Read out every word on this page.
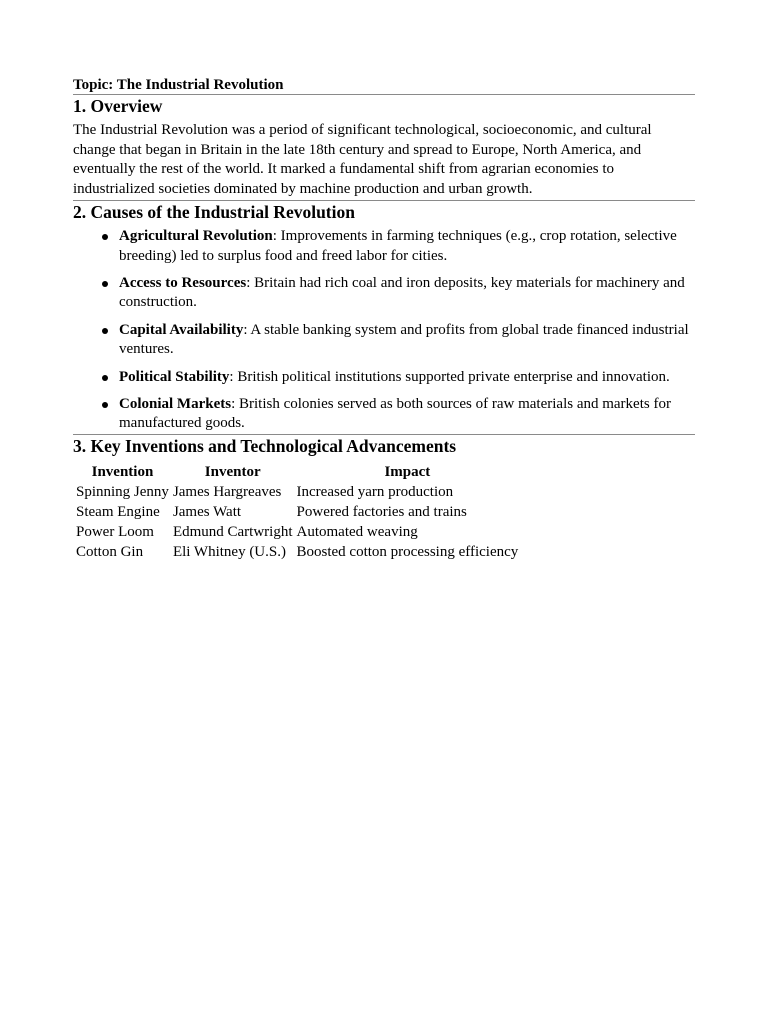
Topic: The Industrial Revolution

1. Overview

The Industrial Revolution was a period of significant technological, socioeconomic, and cultural change that began in Britain in the late 18th century and spread to Europe, North America, and eventually the rest of the world. It marked a fundamental shift from agrarian economies to industrialized societies dominated by machine production and urban growth.

2. Causes of the Industrial Revolution
Agricultural Revolution: Improvements in farming techniques (e.g., crop rotation, selective breeding) led to surplus food and freed labor for cities.
Access to Resources: Britain had rich coal and iron deposits, key materials for machinery and construction.
Capital Availability: A stable banking system and profits from global trade financed industrial ventures.
Political Stability: British political institutions supported private enterprise and innovation.
Colonial Markets: British colonies served as both sources of raw materials and markets for manufactured goods.
3. Key Inventions and Technological Advancements
Invention	Inventor	Impact
Spinning Jenny	James Hargreaves	Increased yarn production
Steam Engine	James Watt	Powered factories and trains
Power Loom	Edmund Cartwright	Automated weaving
Cotton Gin	Eli Whitney (U.S.)	Boosted cotton processing efficiency
